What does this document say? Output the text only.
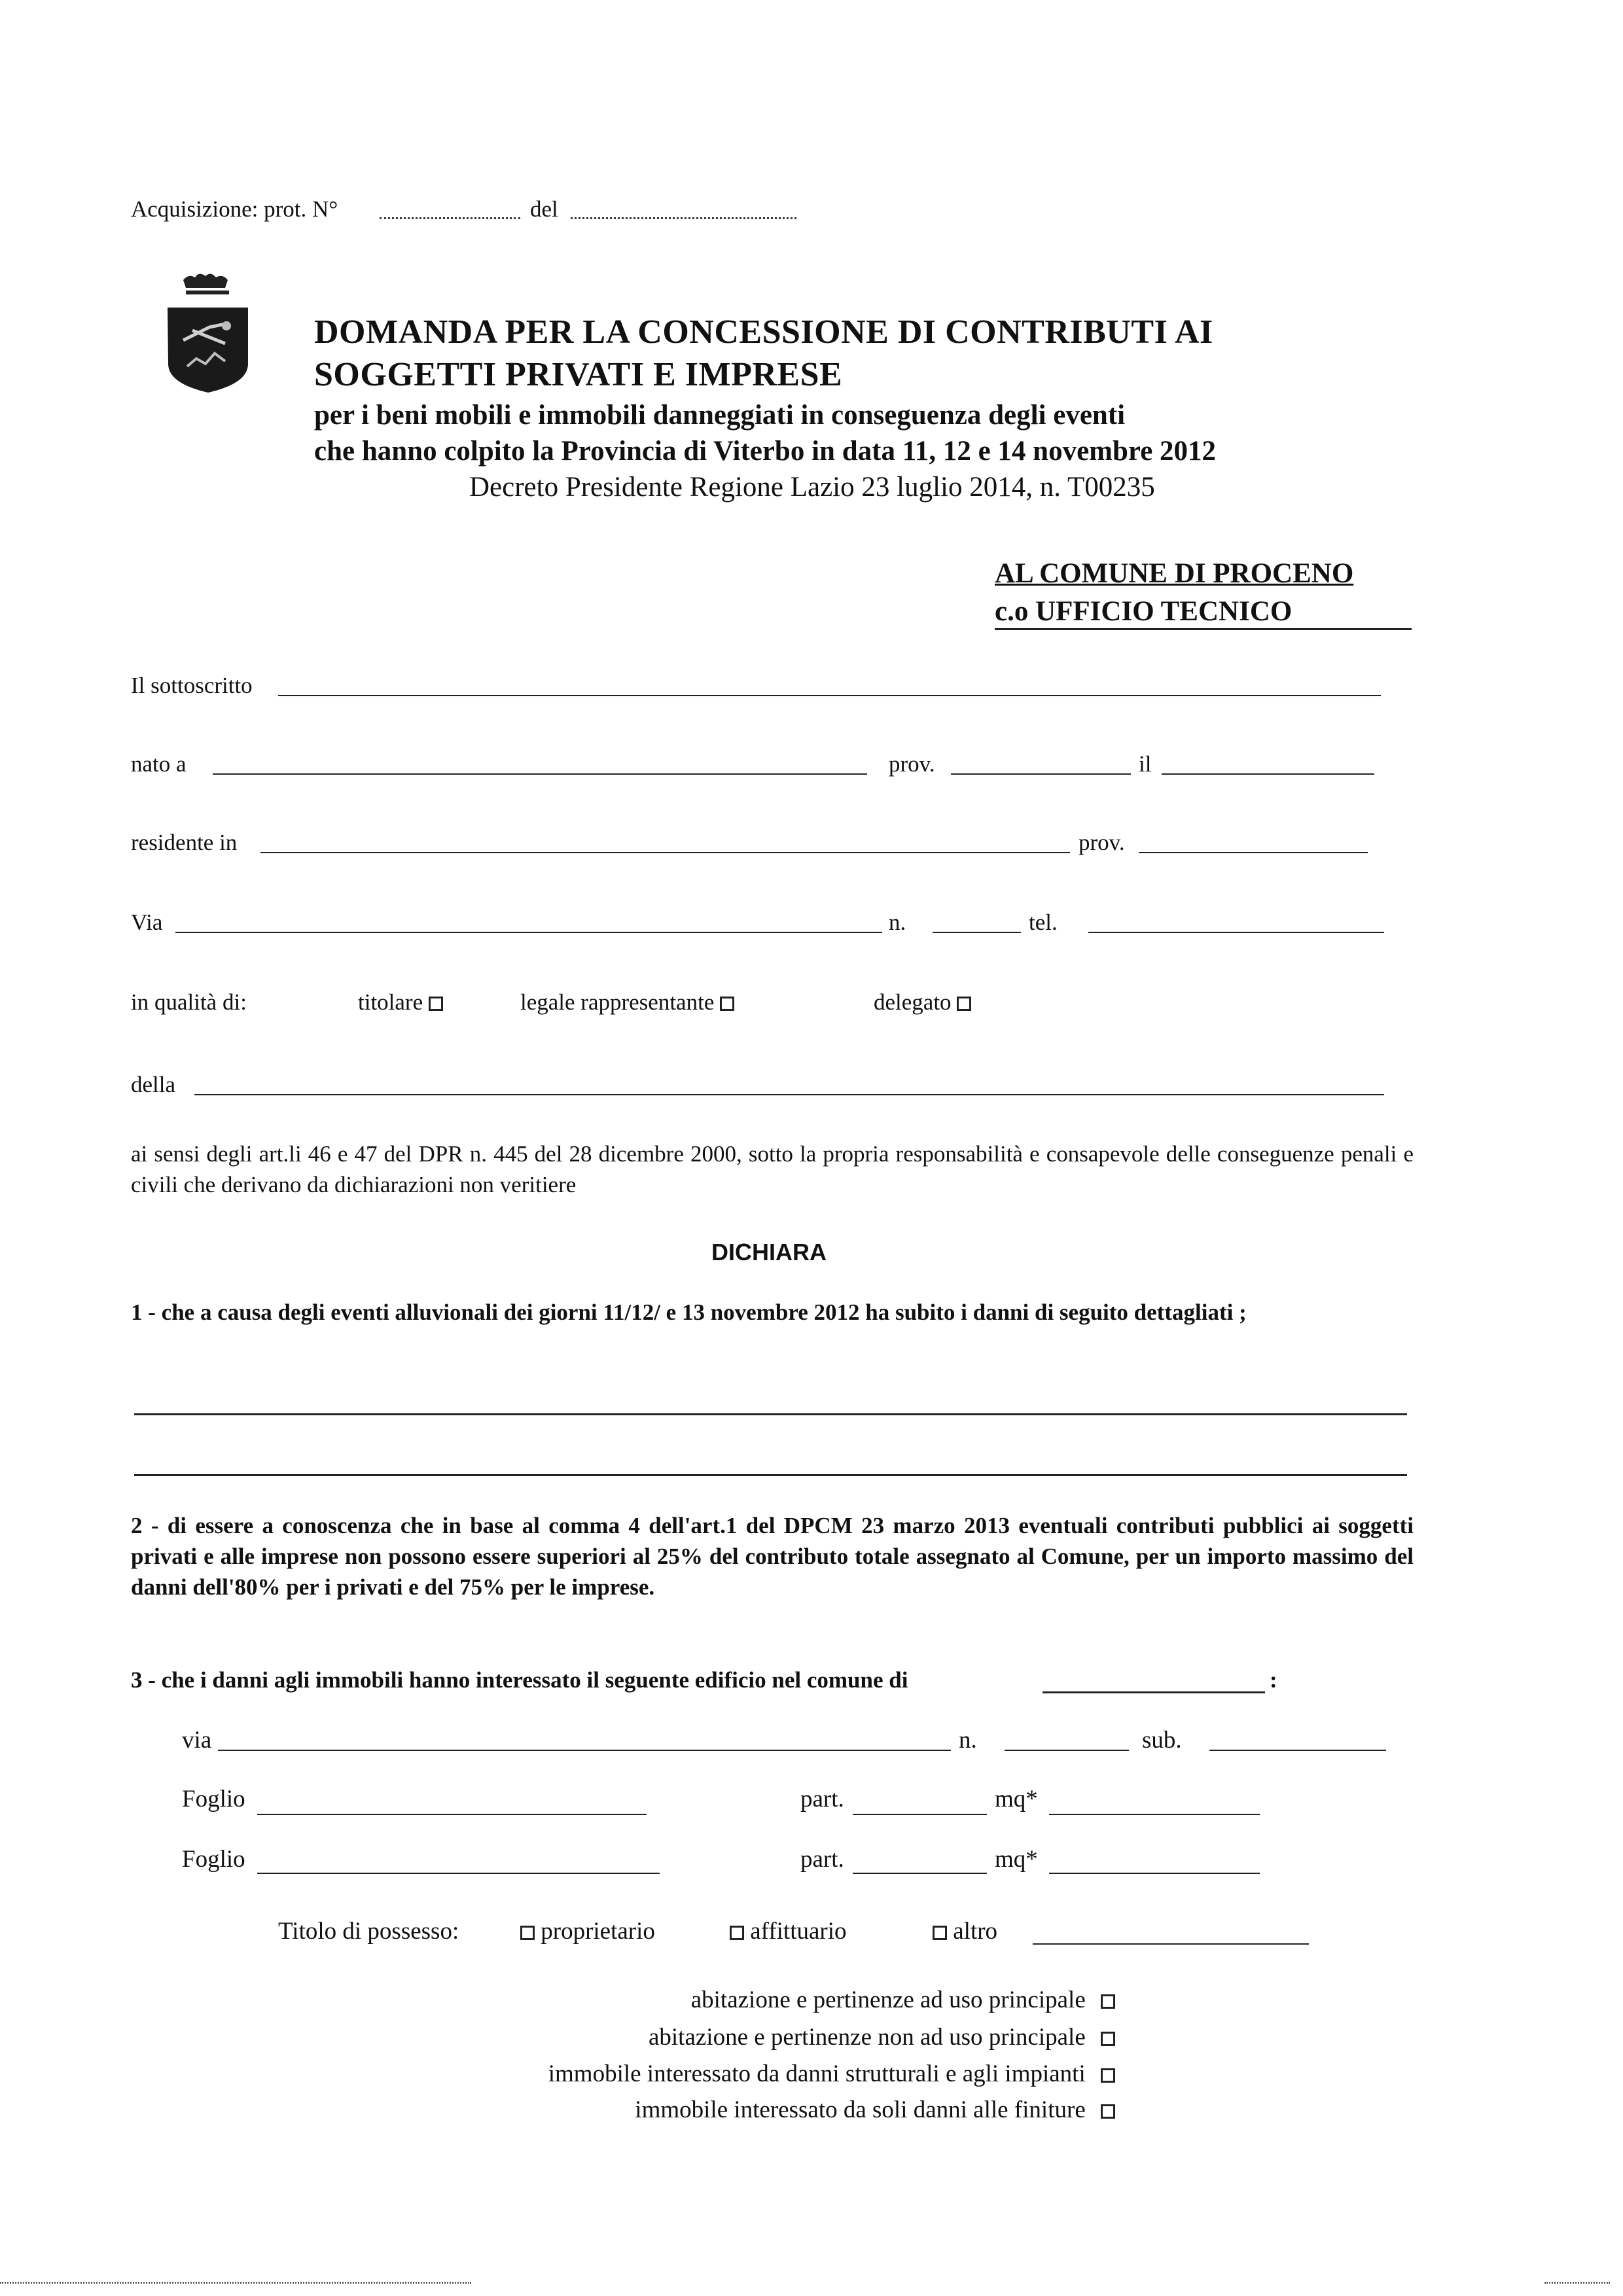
Acquisizione: prot. N°	del
DOMANDA PER LA CONCESSIONE DI CONTRIBUTI AI
SOGGETTI PRIVATI E IMPRESE
per i beni mobili e immobili danneggiati in conseguenza degli eventi
che hanno colpito la Provincia di Viterbo in data 11, 12 e 14 novembre 2012
Decreto Presidente Regione Lazio 23 luglio 2014, n. T00235
AL COMUNE DI PROCENO
c.o UFFICIO TECNICO
Il sottoscritto
nato a	prov.	il
residente in	prov.
Via	n.	tel.
in qualità di:	titolare	legale rappresentante	delegato
della
ai sensi degli art.li 46 e 47 del DPR n. 445 del 28 dicembre 2000, sotto la propria responsabilità e consapevole delle conseguenze penali e civili che derivano da dichiarazioni non veritiere
DICHIARA
1 - che a causa degli eventi alluvionali dei giorni 11/12/ e 13 novembre 2012 ha subito i danni di seguito dettagliati ;
2 - di essere a conoscenza che in base al comma 4 dell'art.1 del DPCM 23 marzo 2013 eventuali contributi pubblici ai soggetti privati e alle imprese non possono essere superiori al 25% del contributo totale assegnato al Comune, per un importo massimo del danni dell'80% per i privati e del 75% per le imprese.
3 - che i danni agli immobili hanno interessato il seguente edificio nel comune di	:
via	n.	sub.
Foglio	part.	mq*
Foglio	part.	mq*
Titolo di possesso:	proprietario	affittuario	altro
abitazione e pertinenze ad uso principale
abitazione e pertinenze non ad uso principale
immobile interessato da danni strutturali e agli impianti
immobile interessato da soli danni alle finiture
